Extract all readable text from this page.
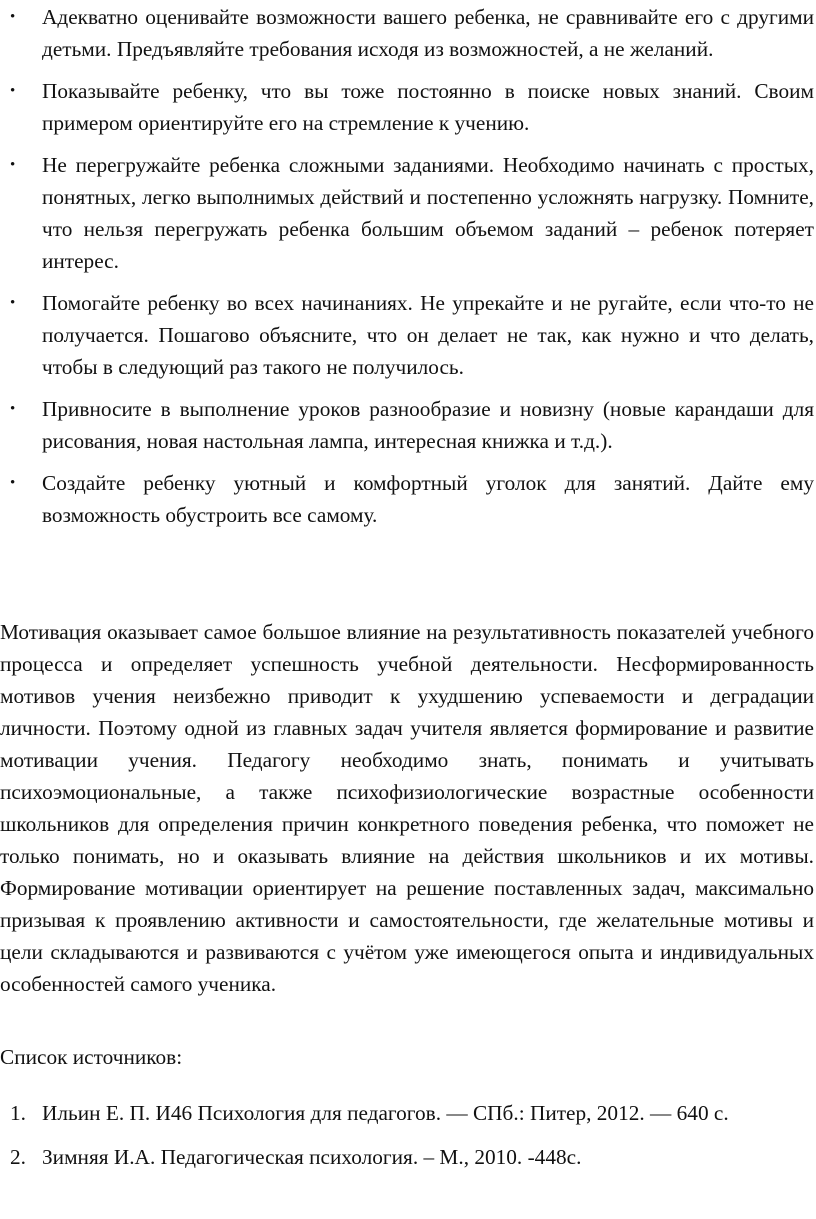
• Адекватно оценивайте возможности вашего ребенка, не сравнивайте его с другими детьми. Предъявляйте требования исходя из возможностей, а не желаний.
• Показывайте ребенку, что вы тоже постоянно в поиске новых знаний. Своим примером ориентируйте его на стремление к учению.
• Не перегружайте ребенка сложными заданиями. Необходимо начинать с простых, понятных, легко выполнимых действий и постепенно усложнять нагрузку. Помните, что нельзя перегружать ребенка большим объемом заданий – ребенок потеряет интерес.
• Помогайте ребенку во всех начинаниях. Не упрекайте и не ругайте, если что-то не получается. Пошагово объясните, что он делает не так, как нужно и что делать, чтобы в следующий раз такого не получилось.
• Привносите в выполнение уроков разнообразие и новизну (новые карандаши для рисования, новая настольная лампа, интересная книжка и т.д.).
• Создайте ребенку уютный и комфортный уголок для занятий. Дайте ему возможность обустроить все самому.

Мотивация оказывает самое большое влияние на результативность показателей учебного процесса и определяет успешность учебной деятельности. Несформированность мотивов учения неизбежно приводит к ухудшению успеваемости и деградации личности. Поэтому одной из главных задач учителя является формирование и развитие мотивации учения. Педагогу необходимо знать, понимать и учитывать психоэмоциональные, а также психофизиологические возрастные особенности школьников для определения причин конкретного поведения ребенка, что поможет не только понимать, но и оказывать влияние на действия школьников и их мотивы. Формирование мотивации ориентирует на решение поставленных задач, максимально призывая к проявлению активности и самостоятельности, где желательные мотивы и цели складываются и развиваются с учётом уже имеющегося опыта и индивидуальных особенностей самого ученика.

Список источников:

1. Ильин Е. П. И46 Психология для педагогов. — СПб.: Питер, 2012. — 640 с.
2. Зимняя И.А. Педагогическая психология. – М., 2010. -448с.
